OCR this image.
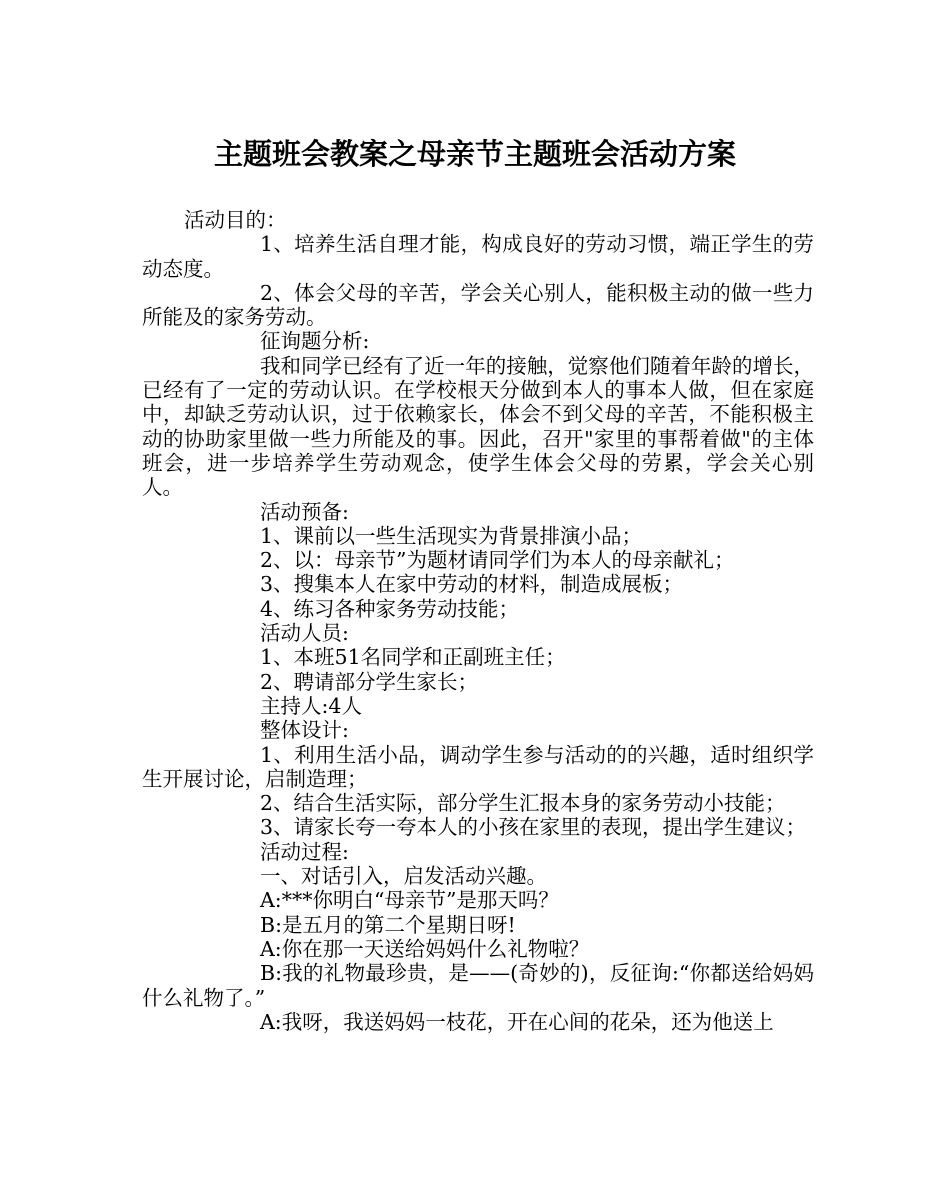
主题班会教案之母亲节主题班会活动方案

活动目的：

1、培养生活自理才能，构成良好的劳动习惯，端正学生的劳动态度。

2、体会父母的辛苦，学会关心别人，能积极主动的做一些力所能及的家务劳动。

征询题分析:

我和同学已经有了近一年的接触，觉察他们随着年龄的增长，已经有了一定的劳动认识。在学校根天分做到本人的事本人做，但在家庭中，却缺乏劳动认识，过于依赖家长，体会不到父母的辛苦，不能积极主动的协助家里做一些力所能及的事。因此，召开"家里的事帮着做"的主体班会，进一步培养学生劳动观念，使学生体会父母的劳累，学会关心别人。

活动预备:

1、课前以一些生活现实为背景排演小品；

2、以：母亲节”为题材请同学们为本人的母亲献礼；

3、搜集本人在家中劳动的材料，制造成展板；

4、练习各种家务劳动技能；

活动人员:

1、本班51名同学和正副班主任；

2、聘请部分学生家长；

主持人:4人

整体设计:

1、利用生活小品，调动学生参与活动的的兴趣，适时组织学生开展讨论，启制造理；

2、结合生活实际，部分学生汇报本身的家务劳动小技能；

3、请家长夸一夸本人的小孩在家里的表现，提出学生建议；

活动过程:

一、对话引入，启发活动兴趣。

A:***你明白“母亲节”是那天吗？

B:是五月的第二个星期日呀!

A:你在那一天送给妈妈什么礼物啦？

B:我的礼物最珍贵，是——(奇妙的)，反征询:“你都送给妈妈什么礼物了。”

A:我呀，我送妈妈一枝花，开在心间的花朵，还为他送上
